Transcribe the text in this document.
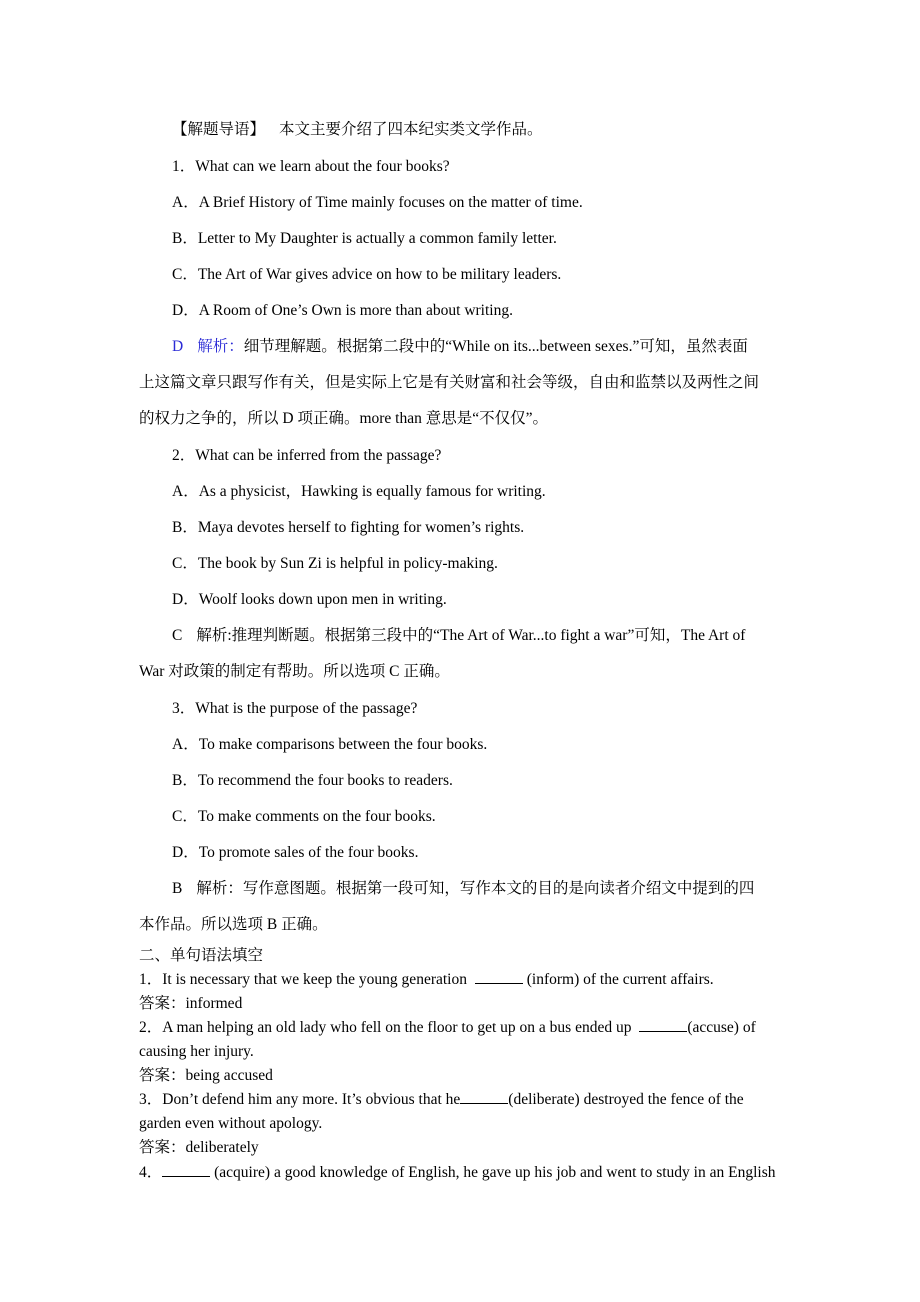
【解题导语】 本文主要介绍了四本纪实类文学作品。
1．What can we learn about the four books?
A．A Brief History of Time mainly focuses on the matter of time.
B．Letter to My Daughter is actually a common family letter.
C．The Art of War gives advice on how to be military leaders.
D．A Room of One’s Own is more than about writing.
D 解析：细节理解题。根据第二段中的“While on its...between sexes.”可知，虽然表面
上这篇文章只跟写作有关，但是实际上它是有关财富和社会等级，自由和监禁以及两性之间
的权力之争的，所以 D 项正确。more than 意思是“不仅仅”。
2．What can be inferred from the passage?
A．As a physicist，Hawking is equally famous for writing.
B．Maya devotes herself to fighting for women’s rights.
C．The book by Sun Zi is helpful in policy-making.
D．Woolf looks down upon men in writing.
C 解析:推理判断题。根据第三段中的“The Art of War...to fight a war”可知，The Art of
War 对政策的制定有帮助。所以选项 C 正确。
3．What is the purpose of the passage?
A．To make comparisons between the four books.
B．To recommend the four books to readers.
C．To make comments on the four books.
D．To promote sales of the four books.
B 解析：写作意图题。根据第一段可知，写作本文的目的是向读者介绍文中提到的四
本作品。所以选项 B 正确。
二、单句语法填空
1．It is necessary that we keep the young generation	(inform) of the current affairs.
答案：informed
2．A man helping an old lady who fell on the floor to get up on a bus ended up	(accuse) of
causing her injury.
答案：being accused
3．Don’t defend him any more. It’s obvious that he	(deliberate) destroyed the fence of the
garden even without apology.
答案：deliberately
4．	(acquire) a good knowledge of English, he gave up his job and went to study in an English
